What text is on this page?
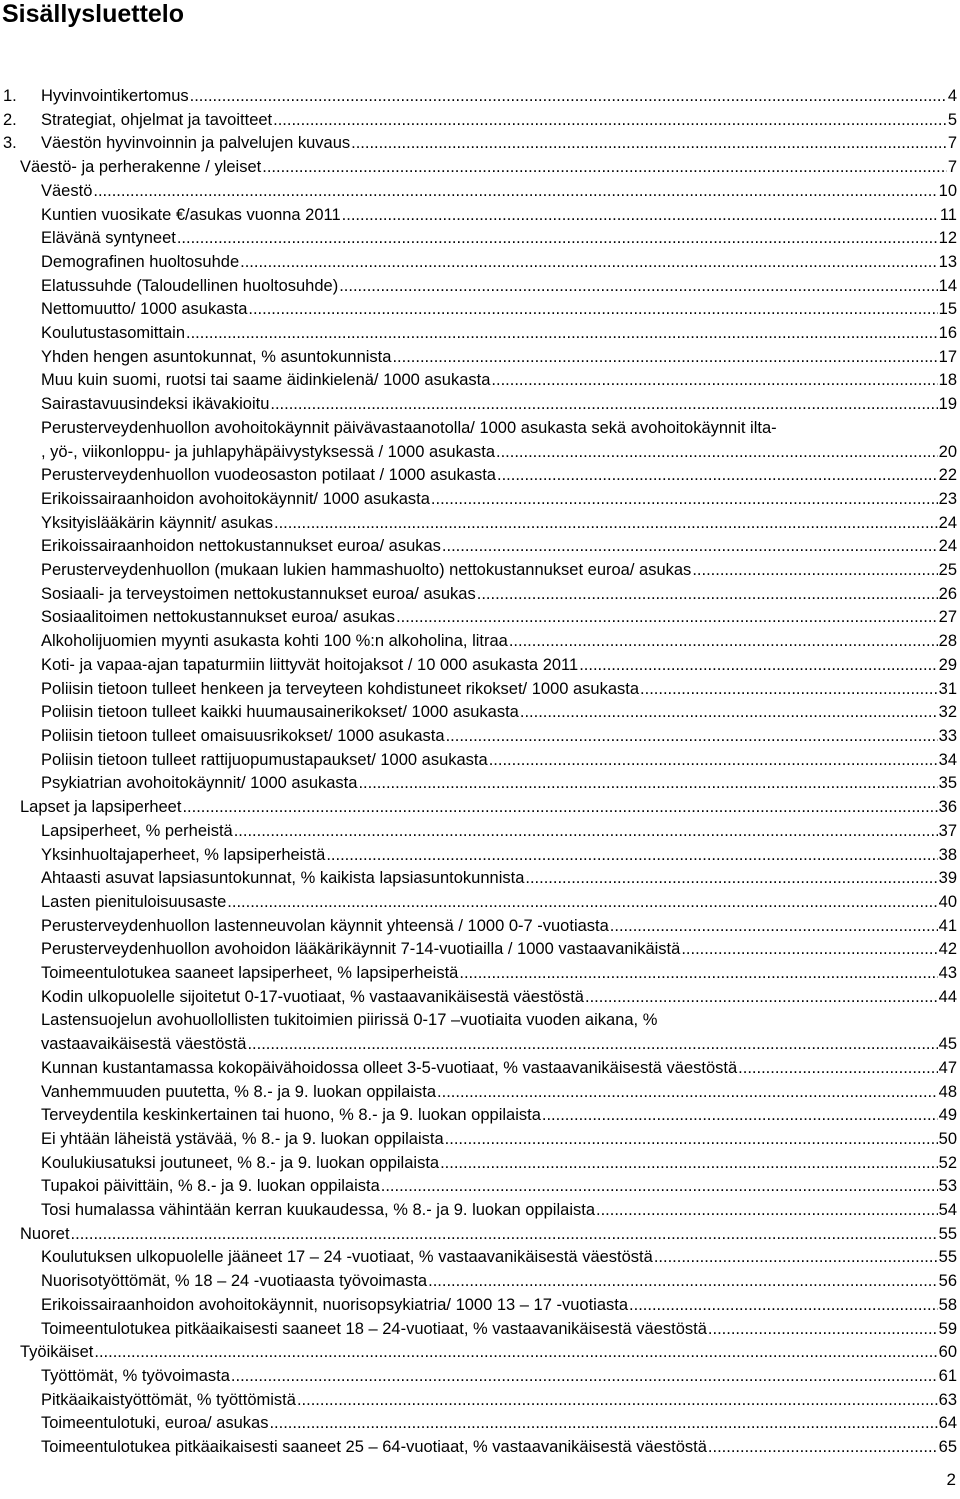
Sisällysluettelo
1.	Hyvinvointikertomus .....	4
2.	Strategiat, ohjelmat ja tavoitteet .....	5
3.	Väestön hyvinvoinnin ja palvelujen kuvaus .....	7
Väestö- ja perherakenne / yleiset .....	7
Väestö .....	10
Kuntien vuosikate €/asukas vuonna 2011 .....	11
Elävänä syntyneet .....	12
Demografinen huoltosuhde .....	13
Elatussuhde (Taloudellinen huoltosuhde) .....	14
Nettomuutto/ 1000 asukasta .....	15
Koulutustasomittain .....	16
Yhden hengen asuntokunnat, % asuntokunnista .....	17
Muu kuin suomi, ruotsi tai saame äidinkielenä/ 1000 asukasta .....	18
Sairastavuusindeksi ikävakioitu .....	19
Perusterveydenhuollon avohoitokäynnit päivävastaanotolla/ 1000 asukasta sekä avohoitokäynnit ilta-
, yö-, viikonloppu- ja juhlapyhäpäivystyksessä / 1000 asukasta .....	20
Perusterveydenhuollon vuodeosaston potilaat / 1000 asukasta .....	22
Erikoissairaanhoidon avohoitokäynnit/ 1000 asukasta .....	23
Yksityislääkärin käynnit/ asukas .....	24
Erikoissairaanhoidon nettokustannukset euroa/ asukas .....	24
Perusterveydenhuollon (mukaan lukien hammashuolto) nettokustannukset euroa/ asukas .....	25
Sosiaali- ja terveystoimen nettokustannukset euroa/ asukas .....	26
Sosiaalitoimen nettokustannukset euroa/ asukas .....	27
Alkoholijuomien myynti asukasta kohti 100 %:n alkoholina, litraa .....	28
Koti- ja vapaa-ajan tapaturmiin liittyvät hoitojaksot / 10 000 asukasta 2011 .....	29
Poliisin tietoon tulleet henkeen ja terveyteen kohdistuneet rikokset/ 1000 asukasta .....	31
Poliisin tietoon tulleet kaikki huumausainerikokset/ 1000 asukasta .....	32
Poliisin tietoon tulleet omaisuusrikokset/ 1000 asukasta .....	33
Poliisin tietoon tulleet rattijuopumustapaukset/ 1000 asukasta .....	34
Psykiatrian avohoitokäynnit/ 1000 asukasta .....	35
Lapset ja lapsiperheet .....	36
Lapsiperheet, % perheistä .....	37
Yksinhuoltajaperheet, % lapsiperheistä .....	38
Ahtaasti asuvat lapsiasuntokunnat, % kaikista lapsiasuntokunnista .....	39
Lasten pienituloisuusaste .....	40
Perusterveydenhuollon lastenneuvolan käynnit yhteensä / 1000 0-7 -vuotiasta .....	41
Perusterveydenhuollon avohoidon lääkärikäynnit 7-14-vuotiailla / 1000 vastaavanikäistä .....	42
Toimeentulotukea saaneet lapsiperheet, % lapsiperheistä .....	43
Kodin ulkopuolelle sijoitetut 0-17-vuotiaat, % vastaavanikäisestä väestöstä .....	44
Lastensuojelun avohuollollisten tukitoimien piirissä 0-17 –vuotiaita vuoden aikana, %
vastaavaikäisestä väestöstä .....	45
Kunnan kustantamassa kokopäivähoidossa olleet 3-5-vuotiaat, % vastaavanikäisestä väestöstä .....	47
Vanhemmuuden puutetta, % 8.- ja 9. luokan oppilaista .....	48
Terveydentila keskinkertainen tai huono, % 8.- ja 9. luokan oppilaista .....	49
Ei yhtään läheistä ystävää, % 8.- ja 9. luokan oppilaista .....	50
Koulukiusatuksi joutuneet, % 8.- ja 9. luokan oppilaista .....	52
Tupakoi päivittäin, % 8.- ja 9. luokan oppilaista .....	53
Tosi humalassa vähintään kerran kuukaudessa, % 8.- ja 9. luokan oppilaista .....	54
Nuoret .....	55
Koulutuksen ulkopuolelle jääneet 17 – 24 -vuotiaat, % vastaavanikäisestä väestöstä .....	55
Nuorisotyöttömät, % 18 – 24 -vuotiaasta työvoimasta .....	56
Erikoissairaanhoidon avohoitokäynnit, nuorisopsykiatria/ 1000 13 – 17 -vuotiasta .....	58
Toimeentulotukea pitkäaikaisesti saaneet 18 – 24-vuotiaat, % vastaavanikäisestä väestöstä .....	59
Työikäiset .....	60
Työttömät, % työvoimasta .....	61
Pitkäaikaistyöttömät, % työttömistä .....	63
Toimeentulotuki, euroa/ asukas .....	64
Toimeentulotukea pitkäaikaisesti saaneet 25 – 64-vuotiaat, % vastaavanikäisestä väestöstä .....	65
2
